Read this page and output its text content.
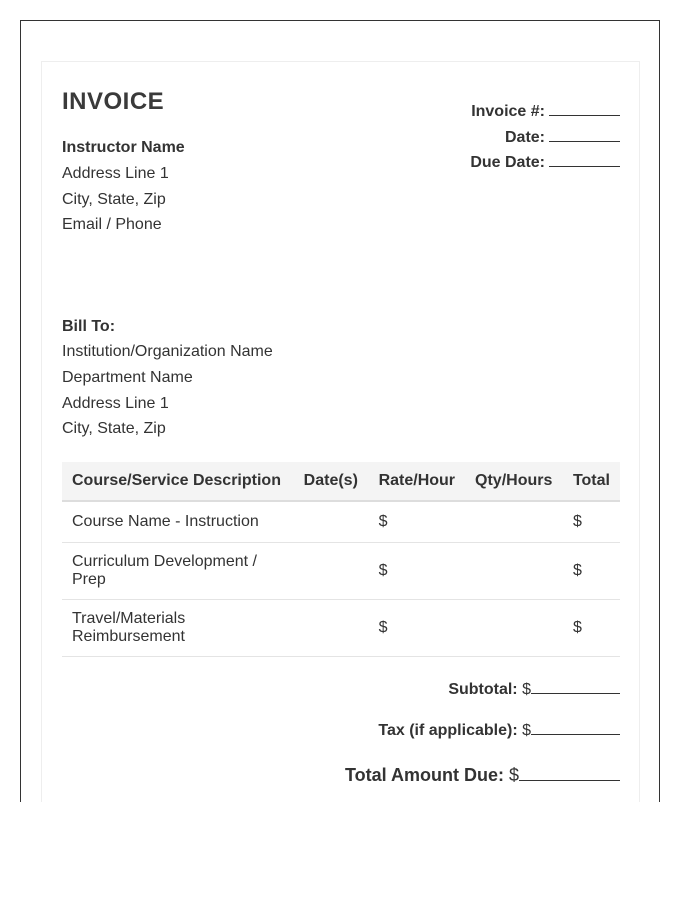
INVOICE	Invoice #:
Date:
Due Date:
Instructor Name
Address Line 1
City, State, Zip
Email / Phone
Bill To:
Institution/Organization Name
Department Name
Address Line 1
City, State, Zip
Course/Service Description	Date(s)	Rate/Hour	Qty/Hours	Total
Course Name - Instruction		$		$
Curriculum Development / Prep		$		$
Travel/Materials Reimbursement		$		$
Subtotal: $
Tax (if applicable): $
Total Amount Due: $
